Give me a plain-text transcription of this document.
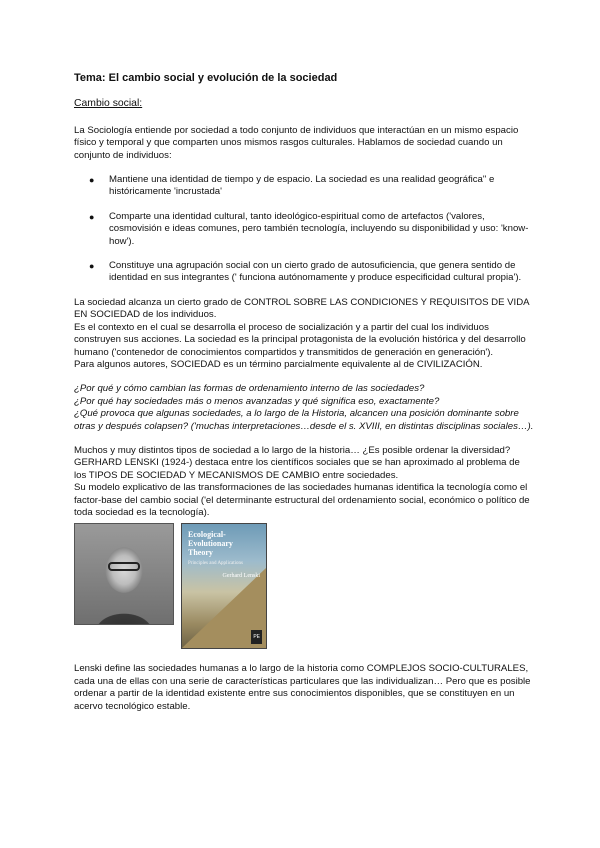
Tema: El cambio social y evolución de la sociedad

Cambio social:

La Sociología entiende por sociedad a todo conjunto de individuos que interactúan en un mismo espacio físico y temporal y que comparten unos mismos rasgos culturales. Hablamos de sociedad cuando un conjunto de individuos:

● Mantiene una identidad de tiempo y de espacio. La sociedad es una realidad geográfica" e históricamente 'incrustada'
● Comparte una identidad cultural, tanto ideológico-espiritual como de artefactos ('valores, cosmovisión e ideas comunes, pero también tecnología, incluyendo su disponibilidad y uso: 'know-how').
● Constituye una agrupación social con un cierto grado de autosuficiencia, que genera sentido de identidad en sus integrantes (' funciona autónomamente y produce especificidad cultural propia').

La sociedad alcanza un cierto grado de CONTROL SOBRE LAS CONDICIONES Y REQUISITOS DE VIDA EN SOCIEDAD de los individuos.

Es el contexto en el cual se desarrolla el proceso de socialización y a partir del cual los individuos construyen sus acciones. La sociedad es la principal protagonista de la evolución histórica y del desarrollo humano ('contenedor de conocimientos compartidos y transmitidos de generación en generación').

Para algunos autores, SOCIEDAD es un término parcialmente equivalente al de CIVILIZACIÓN.

¿Por qué y cómo cambian las formas de ordenamiento interno de las sociedades?

¿Por qué hay sociedades más o menos avanzadas y qué significa eso, exactamente?

¿Qué provoca que algunas sociedades, a lo largo de la Historia, alcancen una posición dominante sobre otras y después colapsen? ('muchas interpretaciones…desde el s. XVIII, en distintas disciplinas sociales…).

Muchos y muy distintos tipos de sociedad a lo largo de la historia… ¿Es posible ordenar la diversidad?

GERHARD LENSKI (1924-) destaca entre los científicos sociales que se han aproximado al problema de los TIPOS DE SOCIEDAD Y MECANISMOS DE CAMBIO entre sociedades.

Su modelo explicativo de las transformaciones de las sociedades humanas identifica la tecnología como el factor-base del cambio social ('el determinante estructural del ordenamiento social, económico o político de toda sociedad es la tecnología).

Ecological-Evolutionary Theory
Principles and Applications
Gerhard Lenski
PE

Lenski define las sociedades humanas a lo largo de la historia como COMPLEJOS SOCIO-CULTURALES, cada una de ellas con una serie de características particulares que las individualizan… Pero que es posible ordenar a partir de la identidad existente entre sus conocimientos disponibles, que se constituyen en un acervo tecnológico estable.
